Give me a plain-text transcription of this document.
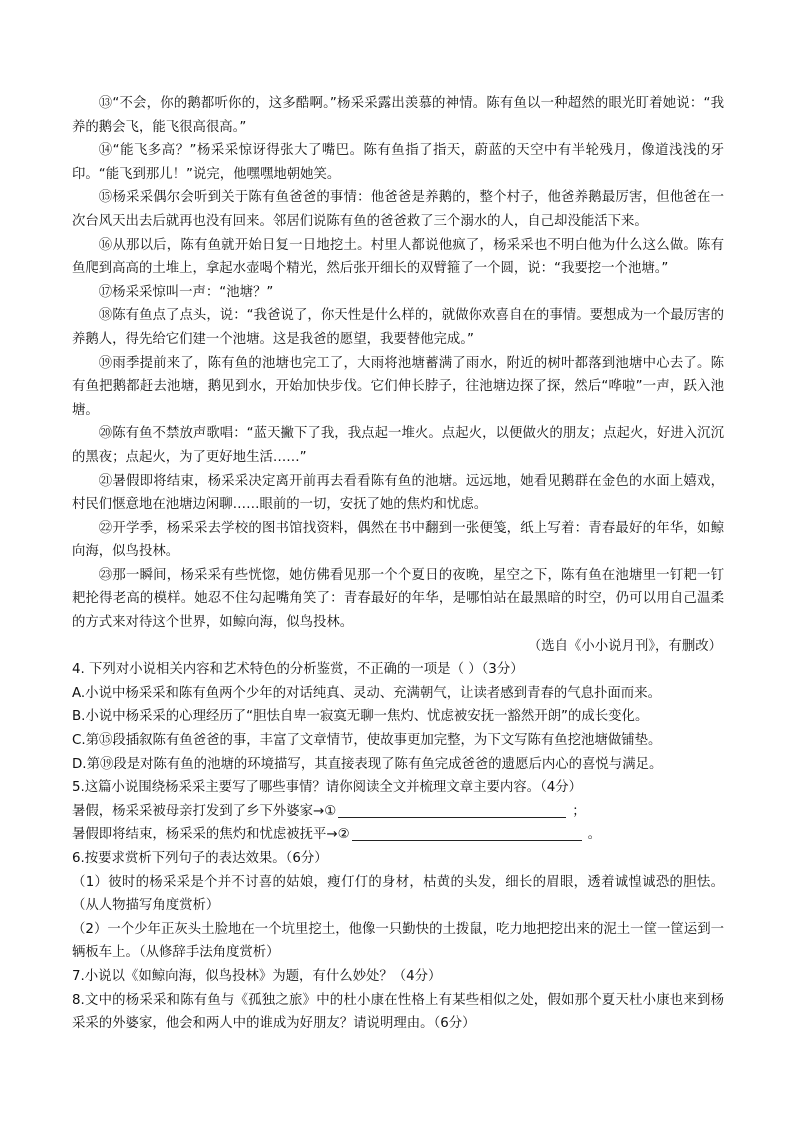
⑬“不会，你的鹅都听你的，这多酷啊。”杨采采露出羡慕的神情。陈有鱼以一种超然的眼光盯着她说：“我养的鹅会飞，能飞很高很高。”

⑭“能飞多高？”杨采采惊讶得张大了嘴巴。陈有鱼指了指天，蔚蓝的天空中有半轮残月，像道浅浅的牙印。“能飞到那儿！”说完，他嘿嘿地朝她笑。

⑮杨采采偶尔会听到关于陈有鱼爸爸的事情：他爸爸是养鹅的，整个村子，他爸养鹅最厉害，但他爸在一次台风天出去后就再也没有回来。邻居们说陈有鱼的爸爸救了三个溺水的人，自己却没能活下来。

⑯从那以后，陈有鱼就开始日复一日地挖土。村里人都说他疯了，杨采采也不明白他为什么这么做。陈有鱼爬到高高的土堆上，拿起水壶喝个精光，然后张开细长的双臂箍了一个圆，说：“我要挖一个池塘。”

⑰杨采采惊叫一声：“池塘？”

⑱陈有鱼点了点头，说：“我爸说了，你天性是什么样的，就做你欢喜自在的事情。要想成为一个最厉害的养鹅人，得先给它们建一个池塘。这是我爸的愿望，我要替他完成。”

⑲雨季提前来了，陈有鱼的池塘也完工了，大雨将池塘蓄满了雨水，附近的树叶都落到池塘中心去了。陈有鱼把鹅都赶去池塘，鹅见到水，开始加快步伐。它们伸长脖子，往池塘边探了探，然后“哗啦”一声，跃入池塘。

⑳陈有鱼不禁放声歌唱：“蓝天撇下了我，我点起一堆火。点起火，以便做火的朋友；点起火，好进入沉沉的黑夜；点起火，为了更好地生活……”

㉑暑假即将结束，杨采采决定离开前再去看看陈有鱼的池塘。远远地，她看见鹅群在金色的水面上嬉戏，村民们惬意地在池塘边闲聊……眼前的一切，安抚了她的焦灼和忧虑。

㉒开学季，杨采采去学校的图书馆找资料，偶然在书中翻到一张便笺，纸上写着：青春最好的年华，如鲸向海，似鸟投林。

㉓那一瞬间，杨采采有些恍惚，她仿佛看见那一个个夏日的夜晚，星空之下，陈有鱼在池塘里一钉耙一钉耙抡得老高的模样。她忍不住勾起嘴角笑了：青春最好的年华，是哪怕站在最黑暗的时空，仍可以用自己温柔的方式来对待这个世界，如鲸向海，似鸟投林。

（选自《小小说月刊》，有删改）

4. 下列对小说相关内容和艺术特色的分析鉴赏，不正确的一项是（ ）（3分）

A.小说中杨采采和陈有鱼两个少年的对话纯真、灵动、充满朝气，让读者感到青春的气息扑面而来。

B.小说中杨采采的心理经历了“胆怯自卑一寂寞无聊一焦灼、忧虑被安抚一豁然开朗”的成长变化。

C.第⑮段插叙陈有鱼爸爸的事，丰富了文章情节，使故事更加完整，为下文写陈有鱼挖池塘做铺垫。

D.第⑲段是对陈有鱼的池塘的环境描写，其直接表现了陈有鱼完成爸爸的遗愿后内心的喜悦与满足。

5.这篇小说围绕杨采采主要写了哪些事情？请你阅读全文并梳理文章主要内容。（4分）

暑假，杨采采被母亲打发到了乡下外婆家→①	；

暑假即将结束，杨采采的焦灼和忧虑被抚平→②	。

6.按要求赏析下列句子的表达效果。（6分）

（1）彼时的杨采采是个并不讨喜的姑娘，瘦仃仃的身材，枯黄的头发，细长的眉眼，透着诚惶诚恐的胆怯。（从人物描写角度赏析）

（2）一个少年正灰头土脸地在一个坑里挖土，他像一只勤快的土拨鼠，吃力地把挖出来的泥土一筐一筐运到一辆板车上。（从修辞手法角度赏析）

7.小说以《如鲸向海，似鸟投林》为题，有什么妙处？（4分）

8.文中的杨采采和陈有鱼与《孤独之旅》中的杜小康在性格上有某些相似之处，假如那个夏天杜小康也来到杨采采的外婆家，他会和两人中的谁成为好朋友？请说明理由。（6分）
